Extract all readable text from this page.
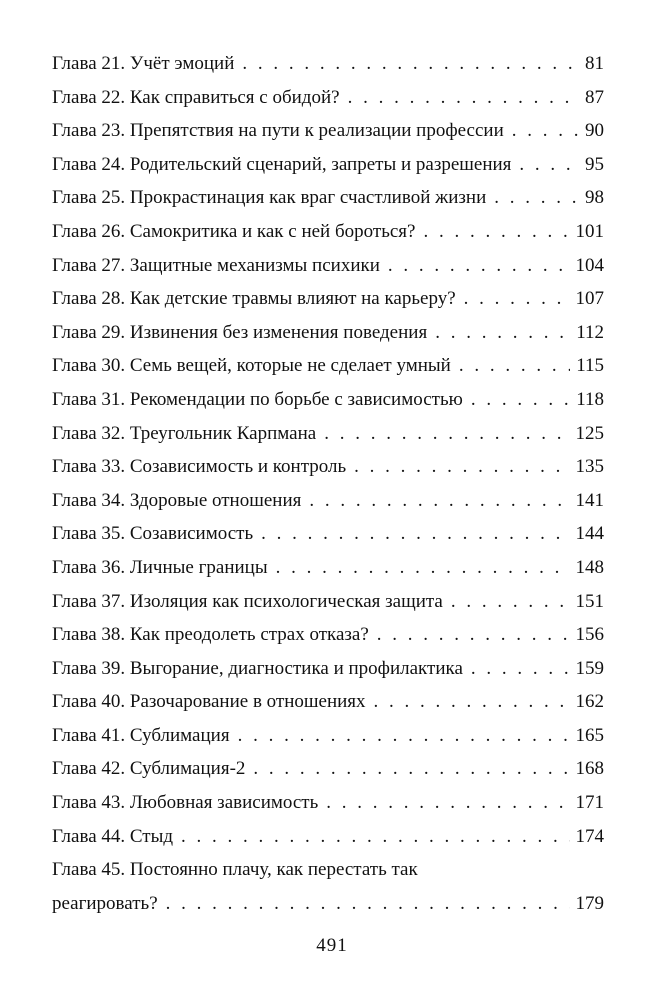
Глава 21. Учёт эмоций . . .	81
Глава 22. Как справиться с обидой? . . .	87
Глава 23. Препятствия на пути к реализации профессии . . .	90
Глава 24. Родительский сценарий, запреты и разрешения . . .	95
Глава 25. Прокрастинация как враг счастливой жизни . . .	98
Глава 26. Самокритика и как с ней бороться? . . .	101
Глава 27. Защитные механизмы психики . . .	104
Глава 28. Как детские травмы влияют на карьеру? . . .	107
Глава 29. Извинения без изменения поведения . . .	112
Глава 30. Семь вещей, которые не сделает умный . . .	115
Глава 31. Рекомендации по борьбе с зависимостью . . .	118
Глава 32. Треугольник Карпмана . . .	125
Глава 33. Созависимость и контроль . . .	135
Глава 34. Здоровые отношения . . .	141
Глава 35. Созависимость . . .	144
Глава 36. Личные границы . . .	148
Глава 37. Изоляция как психологическая защита . . .	151
Глава 38. Как преодолеть страх отказа? . . .	156
Глава 39. Выгорание, диагностика и профилактика . . .	159
Глава 40. Разочарование в отношениях . . .	162
Глава 41. Сублимация . . .	165
Глава 42. Сублимация-2 . . .	168
Глава 43. Любовная зависимость . . .	171
Глава 44. Стыд . . .	174
Глава 45. Постоянно плачу, как перестать так
реагировать? . . .	179
491
